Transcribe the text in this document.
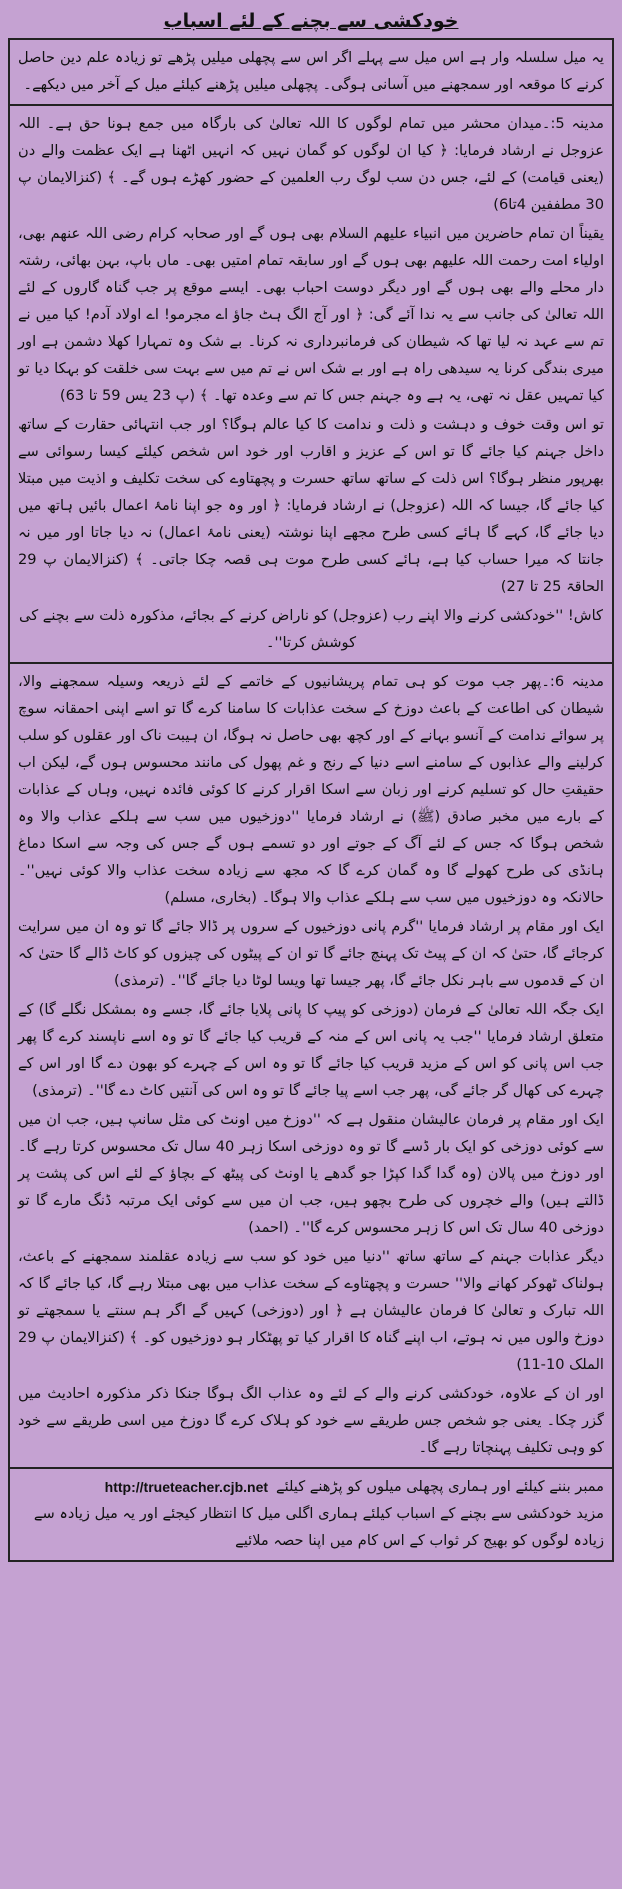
خودکشی سے بچنے کے لئے اسباب

یہ میل سلسلہ وار ہے اس میل سے پہلے اگر اس سے پچھلی میلیں پڑھے تو زیادہ علم دین حاصل کرنے کا موقعہ اور سمجھنے میں آسانی ہوگی۔ پچھلی میلیں پڑھنے کیلئے میل کے آخر میں دیکھے۔

مدینہ 5:۔میدان محشر میں تمام لوگوں کا اللہ تعالیٰ کی بارگاہ میں جمع ہونا حق ہے۔ اللہ عزوجل نے ارشاد فرمایا: ﴿ کیا ان لوگوں کو گمان نہیں کہ انہیں اٹھنا ہے ایک عظمت والے دن (یعنی قیامت) کے لئے، جس دن سب لوگ رب العلمین کے حضور کھڑے ہوں گے۔ ﴾ (کنزالایمان پ 30 مطففین 4تا6)

یقیناً ان تمام حاضرین میں انبیاء علیھم السلام بھی ہوں گے اور صحابہ کرام رضی اللہ عنھم بھی، اولیاء امت رحمت اللہ علیھم بھی ہوں گے اور سابقہ تمام امتیں بھی۔ ماں باپ، بہن بھائی، رشتہ دار محلے والے بھی ہوں گے اور دیگر دوست احباب بھی۔ ایسے موقع پر جب گناہ گاروں کے لئے اللہ تعالیٰ کی جانب سے یہ ندا آئے گی: ﴿ اور آج الگ ہٹ جاؤ اے مجرمو! اے اولاد آدم! کیا میں نے تم سے عہد نہ لیا تھا کہ شیطان کی فرمانبرداری نہ کرنا۔ بے شک وہ تمہارا کھلا دشمن ہے اور میری بندگی کرنا یہ سیدھی راہ ہے اور بے شک اس نے تم میں سے بہت سی خلقت کو بہکا دیا تو کیا تمہیں عقل نہ تھی، یہ ہے وہ جہنم جس کا تم سے وعدہ تھا۔ ﴾ (پ 23 یس 59 تا 63)

تو اس وقت خوف و دہشت و ذلت و ندامت کا کیا عالم ہوگا؟ اور جب انتہائی حقارت کے ساتھ داخل جہنم کیا جائے گا تو اس کے عزیز و اقارب اور خود اس شخص کیلئے کیسا رسوائی سے بھرپور منظر ہوگا؟ اس ذلت کے ساتھ ساتھ حسرت و پچھتاوے کی سخت تکلیف و اذیت میں مبتلا کیا جائے گا، جیسا کہ اللہ (عزوجل) نے ارشاد فرمایا: ﴿ اور وہ جو اپنا نامۂ اعمال بائیں ہاتھ میں دیا جائے گا، کہے گا ہائے کسی طرح مجھے اپنا نوشتہ (یعنی نامۂ اعمال) نہ دیا جاتا اور میں نہ جانتا کہ میرا حساب کیا ہے، ہائے کسی طرح موت ہی قصہ چکا جاتی۔ ﴾ (کنزالایمان پ 29 الحاقۃ 25 تا 27)

کاش! ''خودکشی کرنے والا اپنے رب (عزوجل) کو ناراض کرنے کے بجائے، مذکورہ ذلت سے بچنے کی کوشش کرتا''۔

مدینہ 6:۔پھر جب موت کو ہی تمام پریشانیوں کے خاتمے کے لئے ذریعہ وسیلہ سمجھنے والا، شیطان کی اطاعت کے باعث دوزخ کے سخت عذابات کا سامنا کرے گا تو اسے اپنی احمقانہ سوچ پر سوائے ندامت کے آنسو بہانے کے اور کچھ بھی حاصل نہ ہوگا، ان ہیبت ناک اور عقلوں کو سلب کرلینے والے عذابوں کے سامنے اسے دنیا کے رنج و غم پھول کی مانند محسوس ہوں گے، لیکن اب حقیقتِ حال کو تسلیم کرنے اور زبان سے اسکا اقرار کرنے کا کوئی فائدہ نہیں، وہاں کے عذابات کے بارے میں مخبر صادق (ﷺ) نے ارشاد فرمایا ''دوزخیوں میں سب سے ہلکے عذاب والا وہ شخص ہوگا کہ جس کے لئے آگ کے جوتے اور دو تسمے ہوں گے جس کی وجہ سے اسکا دماغ ہانڈی کی طرح کھولے گا وہ گمان کرے گا کہ مجھ سے زیادہ سخت عذاب والا کوئی نہیں''۔ حالانکہ وہ دوزخیوں میں سب سے ہلکے عذاب والا ہوگا۔ (بخاری، مسلم)

ایک اور مقام پر ارشاد فرمایا ''گرم پانی دوزخیوں کے سروں پر ڈالا جائے گا تو وہ ان میں سرایت کرجائے گا، حتیٰ کہ ان کے پیٹ تک پہنچ جائے گا تو ان کے پیٹوں کی چیزوں کو کاٹ ڈالے گا حتیٰ کہ ان کے قدموں سے باہر نکل جائے گا، پھر جیسا تھا ویسا لوٹا دیا جائے گا''۔ (ترمذی)

ایک جگہ اللہ تعالیٰ کے فرمان (دوزخی کو پیپ کا پانی پلایا جائے گا، جسے وہ بمشکل نگلے گا) کے متعلق ارشاد فرمایا ''جب یہ پانی اس کے منہ کے قریب کیا جائے گا تو وہ اسے ناپسند کرے گا پھر جب اس پانی کو اس کے مزید قریب کیا جائے گا تو وہ اس کے چہرے کو بھون دے گا اور اس کے چہرے کی کھال گر جائے گی، پھر جب اسے پیا جائے گا تو وہ اس کی آنتیں کاٹ دے گا''۔ (ترمذی)

ایک اور مقام پر فرمان عالیشان منقول ہے کہ ''دوزخ میں اونٹ کی مثل سانپ ہیں، جب ان میں سے کوئی دوزخی کو ایک بار ڈسے گا تو وہ دوزخی اسکا زہر 40 سال تک محسوس کرتا رہے گا۔ اور دوزخ میں پالان (وہ گدا گدا کپڑا جو گدھے یا اونٹ کی پیٹھ کے بچاؤ کے لئے اس کی پشت پر ڈالتے ہیں) والے خچروں کی طرح بچھو ہیں، جب ان میں سے کوئی ایک مرتبہ ڈنگ مارے گا تو دوزخی 40 سال تک اس کا زہر محسوس کرے گا''۔ (احمد)

دیگر عذابات جہنم کے ساتھ ساتھ ''دنیا میں خود کو سب سے زیادہ عقلمند سمجھنے کے باعث، ہولناک ٹھوکر کھانے والا'' حسرت و پچھتاوے کے سخت عذاب میں بھی مبتلا رہے گا، کیا جائے گا کہ اللہ تبارک و تعالیٰ کا فرمان عالیشان ہے ﴿ اور (دوزخی) کہیں گے اگر ہم سنتے یا سمجھتے تو دوزخ والوں میں نہ ہوتے، اب اپنے گناہ کا اقرار کیا تو پھٹکار ہو دوزخیوں کو۔ ﴾ (کنزالایمان پ 29 الملک 10-11)

اور ان کے علاوہ، خودکشی کرنے والے کے لئے وہ عذاب الگ ہوگا جنکا ذکر مذکورہ احادیث میں گزر چکا۔ یعنی جو شخص جس طریقے سے خود کو ہلاک کرے گا دوزخ میں اسی طریقے سے خود کو وہی تکلیف پہنچاتا رہے گا۔

ممبر بننے کیلئے اور ہماری پچھلی میلوں کو پڑھنے کیلئے

http://trueteacher.cjb.net

مزید خودکشی سے بچنے کے اسباب کیلئے ہماری اگلی میل کا انتظار کیجئے اور یہ میل زیادہ سے زیادہ لوگوں کو بھیج کر ثواب کے اس کام میں اپنا حصہ ملائیے
